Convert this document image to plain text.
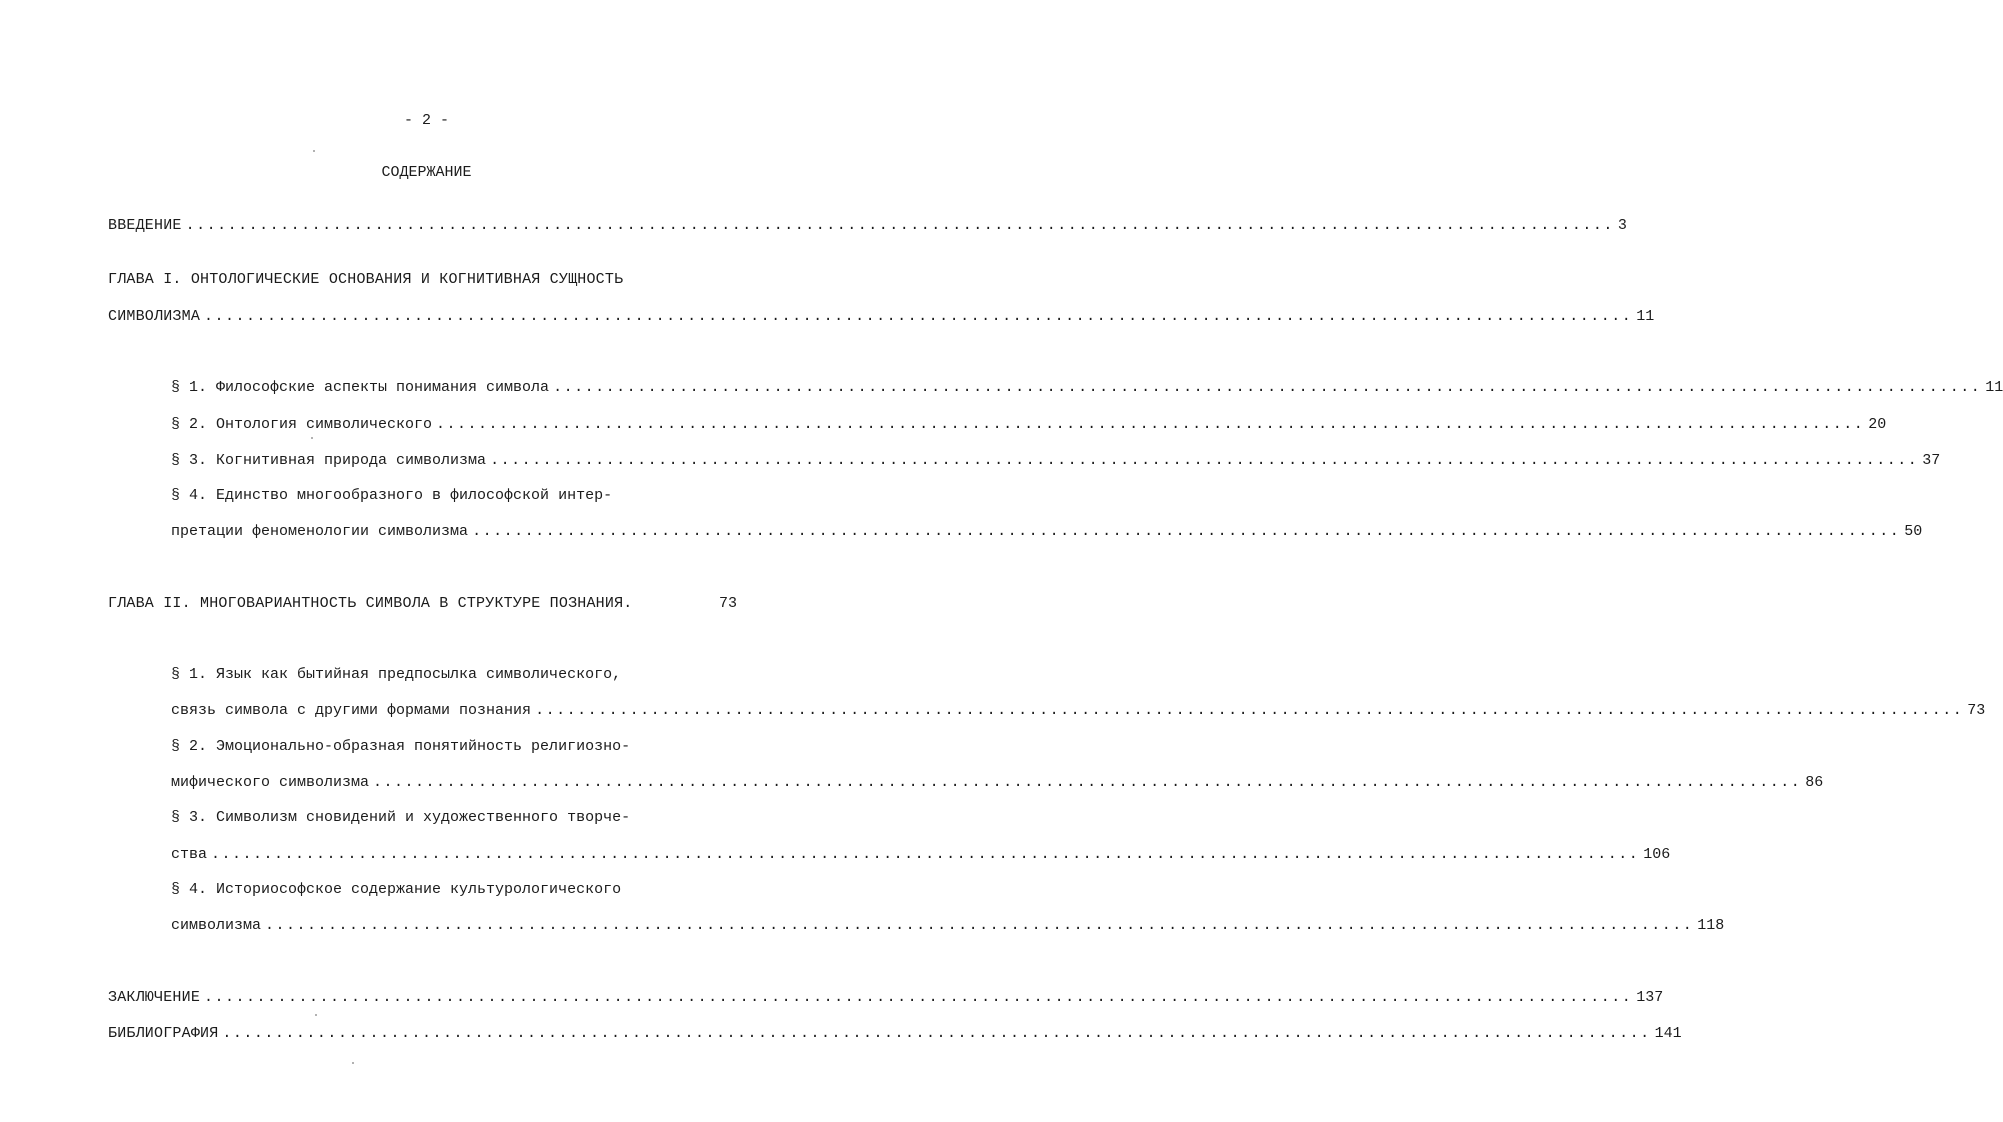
- 2 -
СОДЕРЖАНИЕ
ВВЕДЕНИЕ ........................................................................................................................................ 3
ГЛАВА I. ОНТОЛОГИЧЕСКИЕ ОСНОВАНИЯ И КОГНИТИВНАЯ СУЩНОСТЬ
СИМВОЛИЗМА ........................................................................................................................................ 11
§ 1. Философские аспекты понимания символа ........................................................................................................................................ 11
§ 2. Онтология символического ........................................................................................................................................ 20
§ 3. Когнитивная природа символизма ........................................................................................................................................ 37
§ 4. Единство многообразного в философской интер-
претации феноменологии символизма ........................................................................................................................................ 50
ГЛАВА II. МНОГОВАРИАНТНОСТЬ СИМВОЛА В СТРУКТУРЕ ПОЗНАНИЯ.	73
§ 1. Язык как бытийная предпосылка символического,
связь символа с другими формами познания ........................................................................................................................................ 73
§ 2. Эмоционально-образная понятийность религиозно-
мифического символизма ........................................................................................................................................ 86
§ 3. Символизм сновидений и художественного творче-
ства ........................................................................................................................................ 106
§ 4. Историософское содержание культурологического
символизма ........................................................................................................................................ 118
ЗАКЛЮЧЕНИЕ ........................................................................................................................................ 137
БИБЛИОГРАФИЯ ........................................................................................................................................ 141
